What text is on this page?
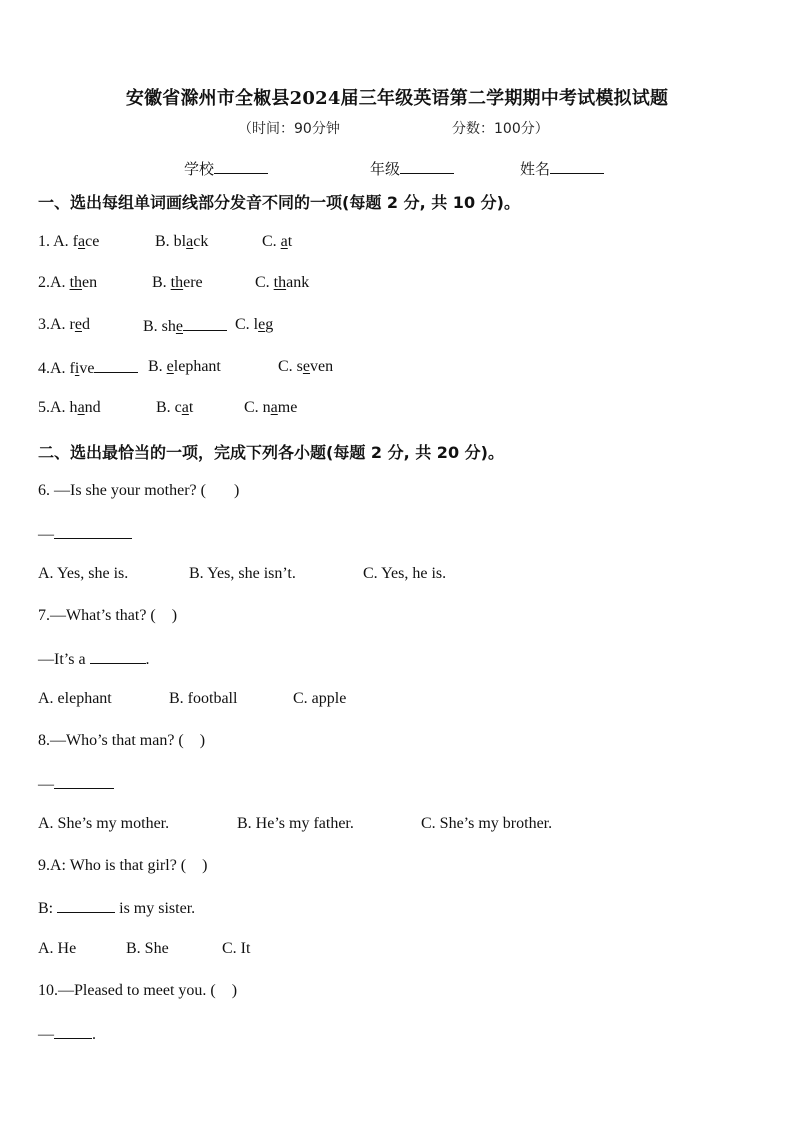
安徽省滁州市全椒县2024届三年级英语第二学期期中考试模拟试题
（时间：90分钟	分数：100分）
学校	年级	姓名
一、选出每组单词画线部分发音不同的一项(每题 2 分, 共 10 分)。
1. A. face	B. black	C. at
2.A. then	B. there	C. thank
3.A. red	B. she	C. leg
4.A. five	B. elephant	C. seven
5.A. hand	B. cat	C. name
二、选出最恰当的一项，完成下列各小题(每题 2 分, 共 20 分)。
6. —Is she your mother? (       )
—
A. Yes, she is.	B. Yes, she isn’t.	C. Yes, he is.
7.—What’s that? (    )
—It’s a	.
A. elephant	B. football	C. apple
8.—Who’s that man? (    )
—
A. She’s my mother.	B. He’s my father.	C. She’s my brother.
9.A: Who is that girl? (    )
B:	is my sister.
A. He	B. She	C. It
10.—Pleased to meet you. (    )
— .
